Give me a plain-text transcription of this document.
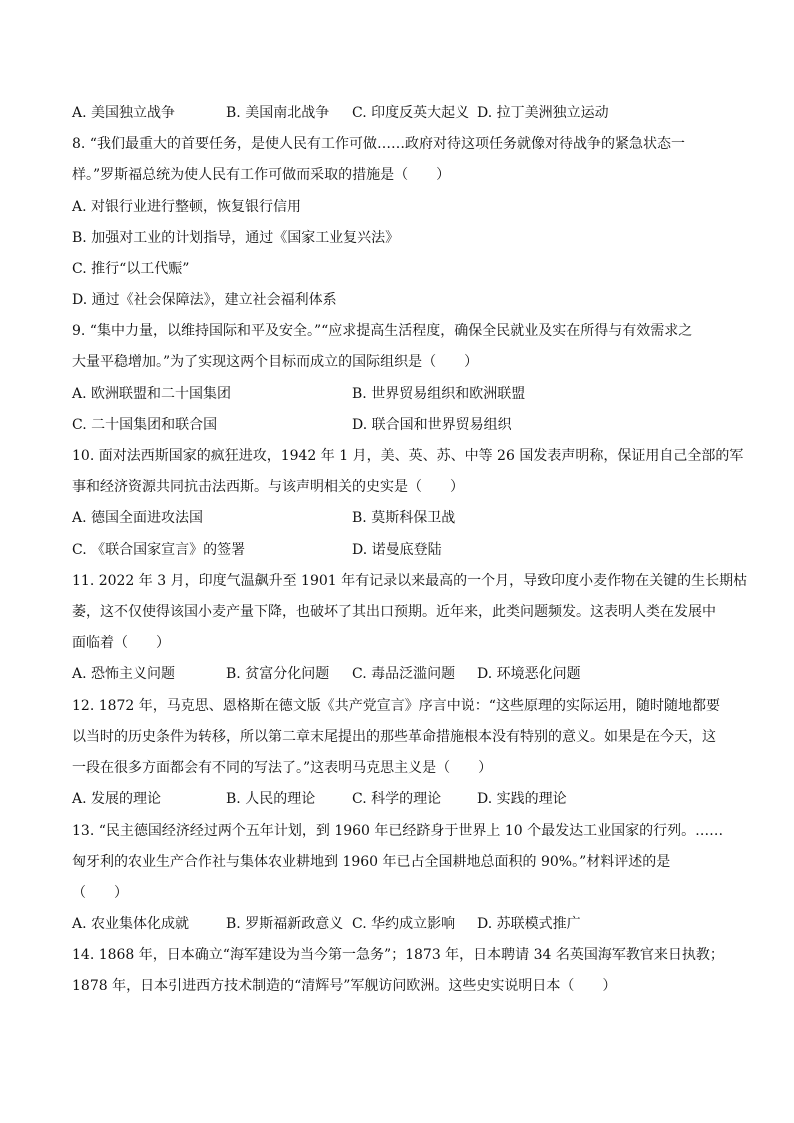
A. 美国独立战争	B. 美国南北战争 C. 印度反英大起义 D. 拉丁美洲独立运动
8. “我们最重大的首要任务，是使人民有工作可做……政府对待这项任务就像对待战争的紧急状态一
样。”罗斯福总统为使人民有工作可做而采取的措施是（　　）
A. 对银行业进行整顿，恢复银行信用
B. 加强对工业的计划指导，通过《国家工业复兴法》
C. 推行“以工代赈”
D. 通过《社会保障法》，建立社会福利体系
9. “集中力量，以维持国际和平及安全。”“应求提高生活程度，确保全民就业及实在所得与有效需求之
大量平稳增加。”为了实现这两个目标而成立的国际组织是（　　）
A. 欧洲联盟和二十国集团	B. 世界贸易组织和欧洲联盟
C. 二十国集团和联合国	D. 联合国和世界贸易组织
10. 面对法西斯国家的疯狂进攻，1942 年 1 月，美、英、苏、中等 26 国发表声明称，保证用自己全部的军
事和经济资源共同抗击法西斯。与该声明相关的史实是（　　）
A. 德国全面进攻法国	B. 莫斯科保卫战
C. 《联合国家宣言》的签署	D. 诺曼底登陆
11. 2022 年 3 月，印度气温飙升至 1901 年有记录以来最高的一个月，导致印度小麦作物在关键的生长期枯
萎，这不仅使得该国小麦产量下降，也破坏了其出口预期。近年来，此类问题频发。这表明人类在发展中
面临着（　　）
A. 恐怖主义问题	B. 贫富分化问题 C. 毒品泛滥问题 D. 环境恶化问题
12. 1872 年，马克思、恩格斯在德文版《共产党宣言》序言中说：“这些原理的实际运用，随时随地都要
以当时的历史条件为转移，所以第二章末尾提出的那些革命措施根本没有特别的意义。如果是在今天，这
一段在很多方面都会有不同的写法了。”这表明马克思主义是（　　）
A. 发展的理论	B. 人民的理论	C. 科学的理论	D. 实践的理论
13. “民主德国经济经过两个五年计划，到 1960 年已经跻身于世界上 10 个最发达工业国家的行列。……
匈牙利的农业生产合作社与集体农业耕地到 1960 年已占全国耕地总面积的 90%。”材料评述的是
（　　）
A. 农业集体化成就	B. 罗斯福新政意义 C. 华约成立影响 D. 苏联模式推广
14. 1868 年，日本确立“海军建设为当今第一急务”；1873 年，日本聘请 34 名英国海军教官来日执教；
1878 年，日本引进西方技术制造的“清辉号”军舰访问欧洲。这些史实说明日本（　　）
